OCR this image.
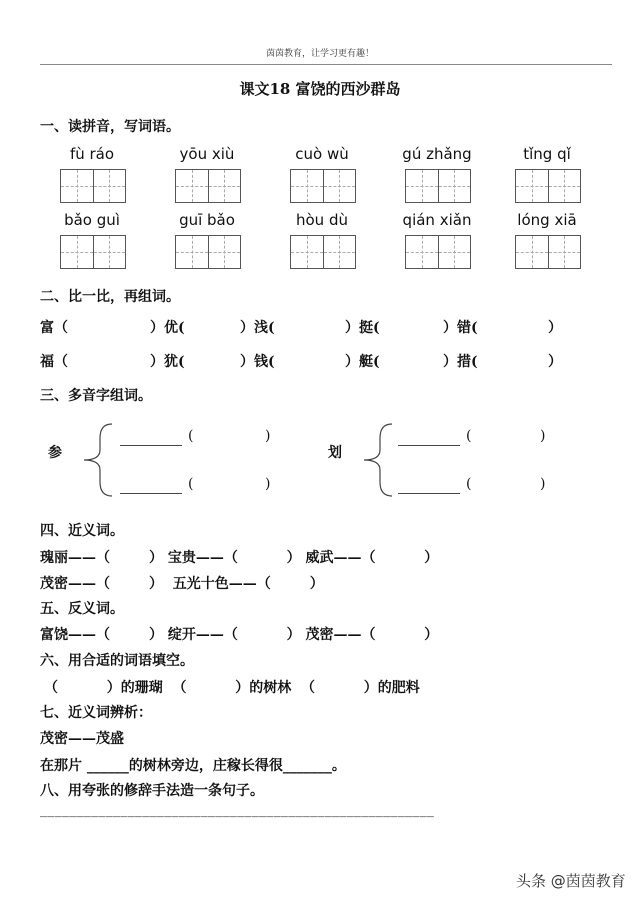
茵茵教育，让学习更有趣！
课文18 富饶的西沙群岛
一、读拼音，写词语。
fù ráo	yōu xiù	cuò wù	gú zhǎng	tǐng qǐ
bǎo guì	guī bǎo	hòu dù	qián xiǎn	lóng xiā
二、比一比，再组词。
富（	）优(	）浅(	）挺(	）错(	）
福（	）犹(	）钱(	）艇(	）措(	）
三、多音字组词。
参
(	)
(	)
划
(	)
(	)
四、近义词。
瑰丽——（        ） 宝贵——（          ） 威武——（          ）
茂密——（        ）  五光十色——（        ）
五、反义词。
富饶——（        ） 绽开——（          ） 茂密——（          ）
六、用合适的词语填空。
（          ）的珊瑚  （          ）的树林  （          ）的肥料
七、近义词辨析：
茂密——茂盛
在那片 ______的树林旁边，庄稼长得很_______。
八、用夸张的修辞手法造一条句子。
______________________________________________________
头条 @茵茵教育
